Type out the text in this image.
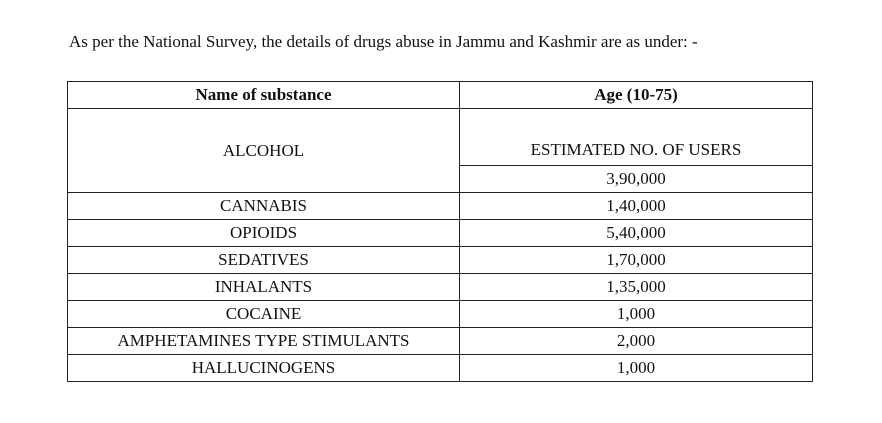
As per the National Survey, the details of drugs abuse in Jammu and Kashmir are as under: -

Name of substance	Age (10-75)
ALCOHOL	ESTIMATED NO. OF USERS
	3,90,000
CANNABIS	1,40,000
OPIOIDS	5,40,000
SEDATIVES	1,70,000
INHALANTS	1,35,000
COCAINE	1,000
AMPHETAMINES TYPE STIMULANTS	2,000
HALLUCINOGENS	1,000
